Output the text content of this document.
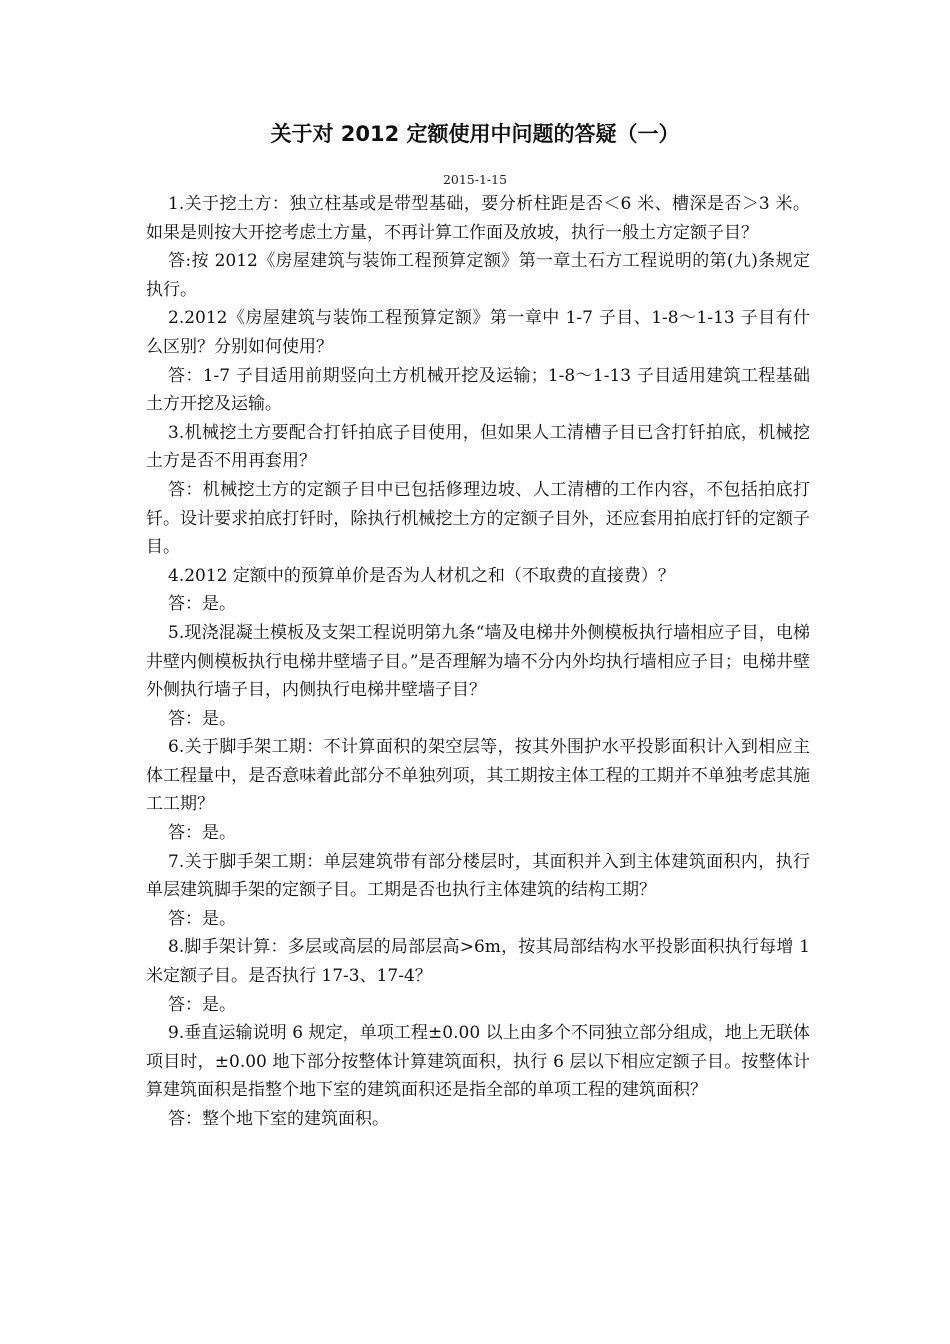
关于对 2012 定额使用中问题的答疑（一）
2015-1-15

1.关于挖土方：独立柱基或是带型基础，要分析柱距是否＜6 米、槽深是否＞3 米。如果是则按大开挖考虑土方量，不再计算工作面及放坡，执行一般土方定额子目？

答:按 2012《房屋建筑与装饰工程预算定额》第一章土石方工程说明的第(九)条规定执行。

2.2012《房屋建筑与装饰工程预算定额》第一章中 1-7 子目、1-8～1-13 子目有什么区别？分别如何使用？

答：1-7 子目适用前期竖向土方机械开挖及运输；1-8～1-13 子目适用建筑工程基础土方开挖及运输。

3.机械挖土方要配合打钎拍底子目使用，但如果人工清槽子目已含打钎拍底，机械挖土方是否不用再套用？

答：机械挖土方的定额子目中已包括修理边坡、人工清槽的工作内容，不包括拍底打钎。设计要求拍底打钎时，除执行机械挖土方的定额子目外，还应套用拍底打钎的定额子目。

4.2012 定额中的预算单价是否为人材机之和（不取费的直接费）？

答：是。

5.现浇混凝土模板及支架工程说明第九条“墙及电梯井外侧模板执行墙相应子目，电梯井壁内侧模板执行电梯井壁墙子目。”是否理解为墙不分内外均执行墙相应子目；电梯井壁外侧执行墙子目，内侧执行电梯井壁墙子目？

答：是。

6.关于脚手架工期：不计算面积的架空层等，按其外围护水平投影面积计入到相应主体工程量中，是否意味着此部分不单独列项，其工期按主体工程的工期并不单独考虑其施工工期？

答：是。

7.关于脚手架工期：单层建筑带有部分楼层时，其面积并入到主体建筑面积内，执行单层建筑脚手架的定额子目。工期是否也执行主体建筑的结构工期？

答：是。

8.脚手架计算：多层或高层的局部层高>6m，按其局部结构水平投影面积执行每增 1 米定额子目。是否执行 17-3、17-4？

答：是。

9.垂直运输说明 6 规定，单项工程±0.00 以上由多个不同独立部分组成，地上无联体项目时，±0.00 地下部分按整体计算建筑面积，执行 6 层以下相应定额子目。按整体计算建筑面积是指整个地下室的建筑面积还是指全部的单项工程的建筑面积？

答：整个地下室的建筑面积。
